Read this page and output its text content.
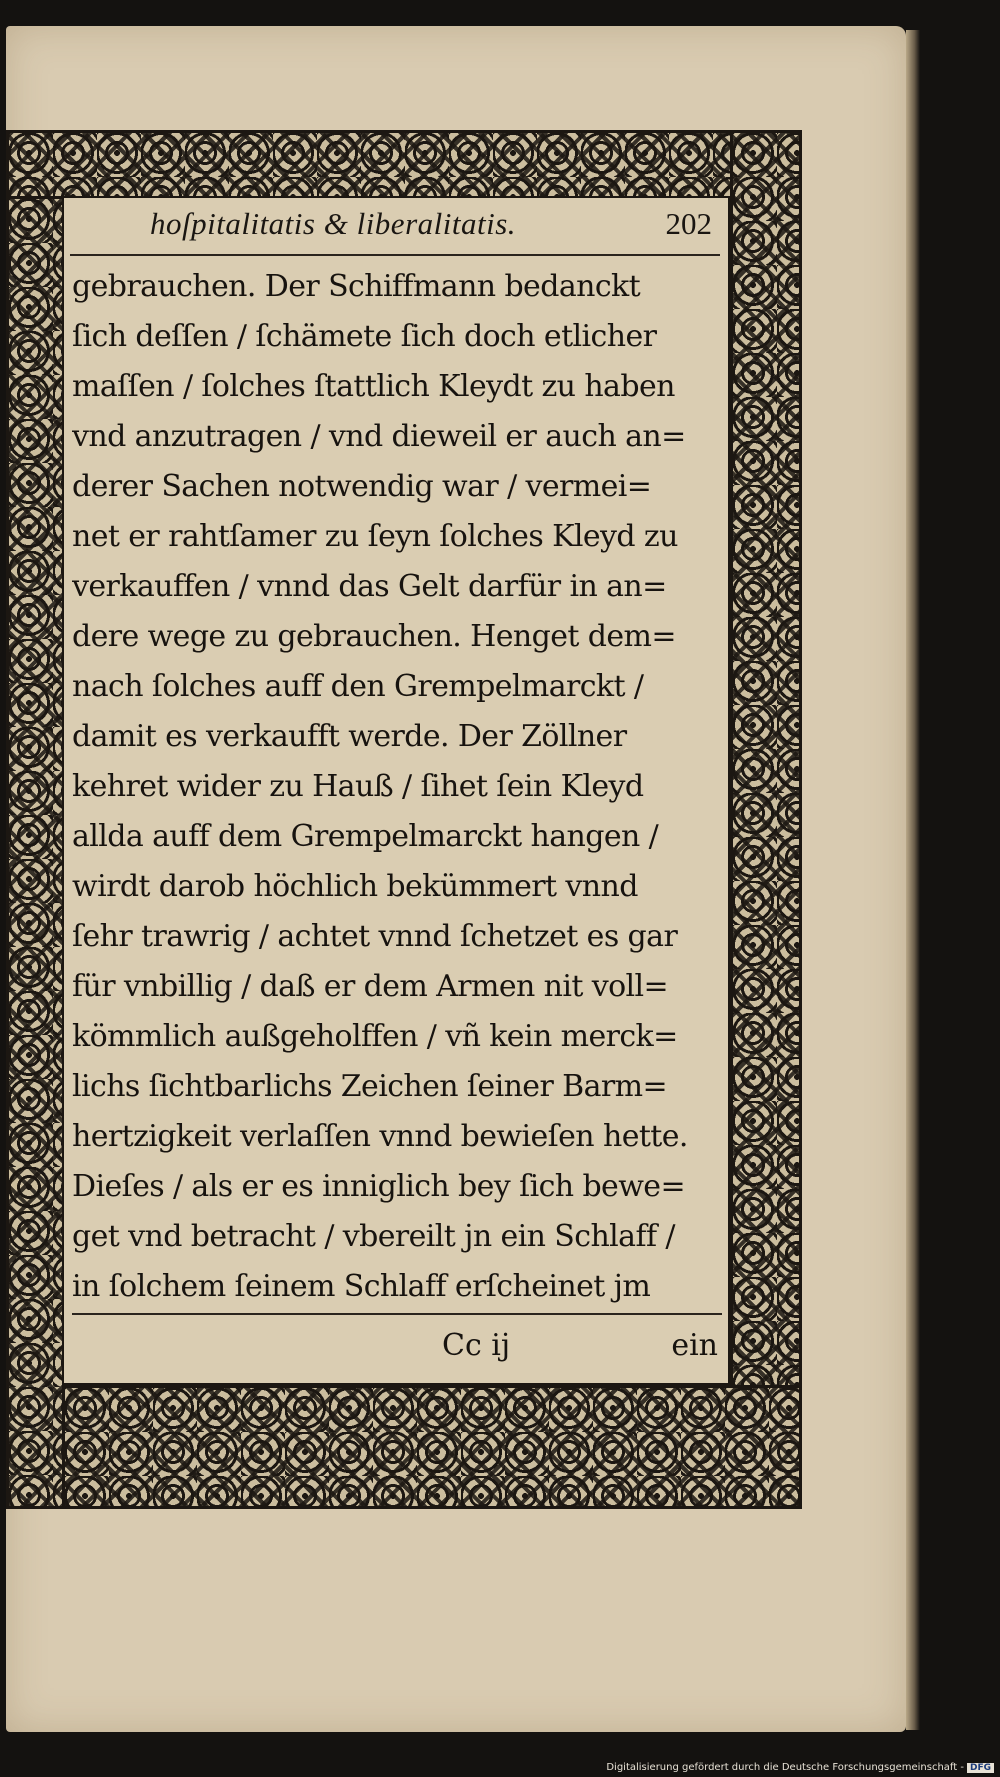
hoſpitalitatis & liberalitatis.	202
gebrauchen. Der Schiffmann bedanckt
ſich deſſen / ſchämete ſich doch etlicher
maſſen / ſolches ſtattlich Kleydt zu haben
vnd anzutragen / vnd dieweil er auch an=
derer Sachen notwendig war / vermei=
net er rahtſamer zu ſeyn ſolches Kleyd zu
verkauffen / vnnd das Gelt darfür in an=
dere wege zu gebrauchen. Henget dem=
nach ſolches auff den Grempelmarckt /
damit es verkaufft werde. Der Zöllner
kehret wider zu Hauß / ſihet ſein Kleyd
allda auff dem Grempelmarckt hangen /
wirdt darob höchlich bekümmert vnnd
ſehr trawrig / achtet vnnd ſchetzet es gar
für vnbillig / daß er dem Armen nit voll=
kömmlich außgeholffen / vñ kein merck=
lichs ſichtbarlichs Zeichen ſeiner Barm=
hertzigkeit verlaſſen vnnd bewieſen hette.
Dieſes / als er es inniglich bey ſich bewe=
get vnd betracht / vbereilt jn ein Schlaff /
in ſolchem ſeinem Schlaff erſcheinet jm
Cc ij	ein
Digitalisierung gefördert durch die Deutsche Forschungsgemeinschaft - DFG
